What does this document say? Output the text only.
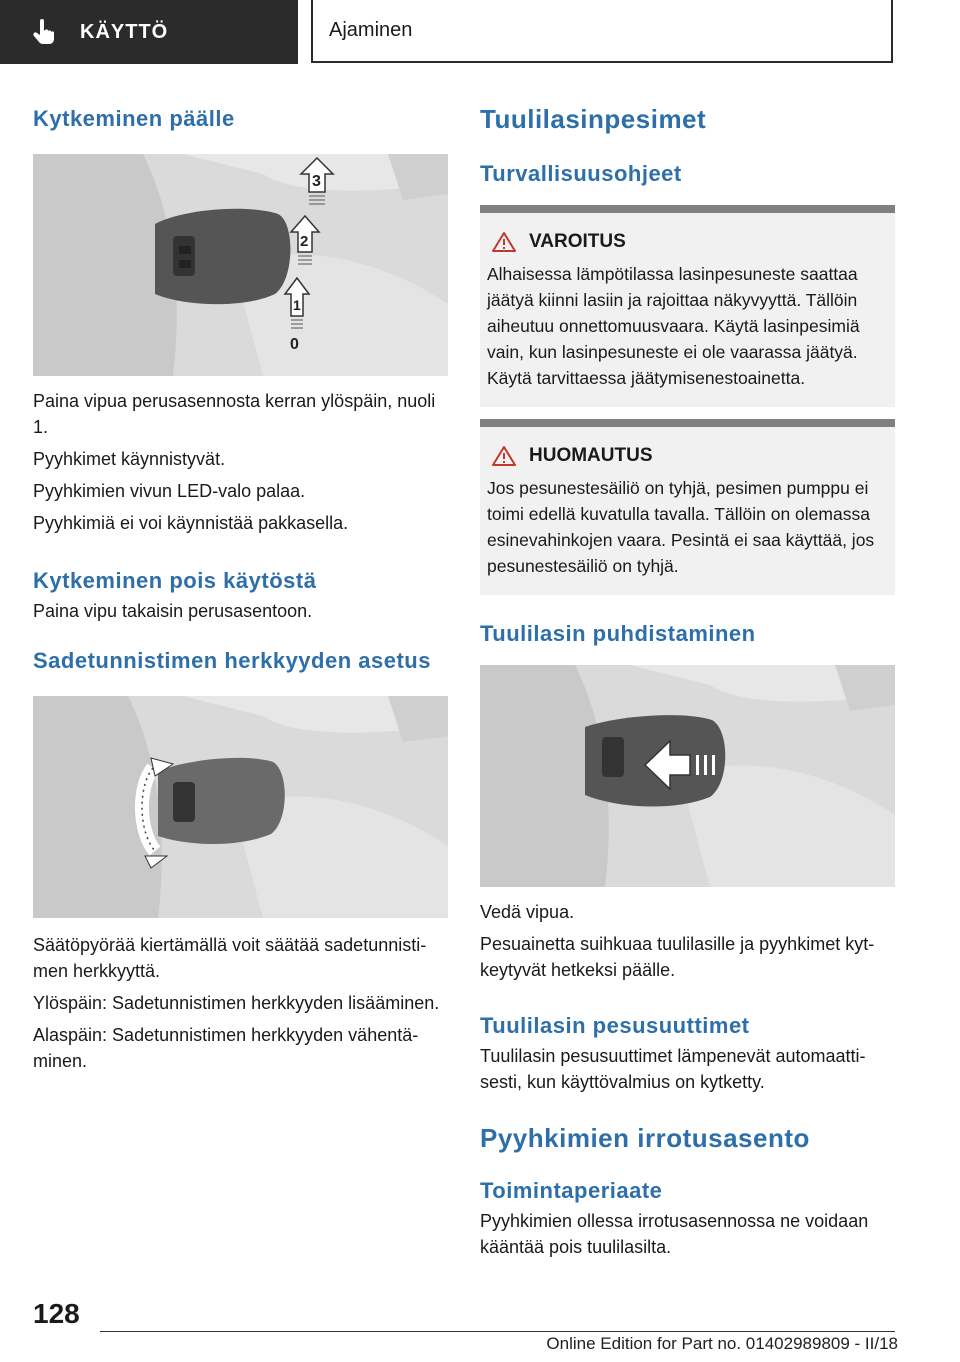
KÄYTTÖ	Ajaminen
Kytkeminen päälle
3
2
1
0

Paina vipua perusasennosta kerran ylöspäin, nuoli 1.

Pyyhkimet käynnistyvät.

Pyyhkimien vivun LED-valo palaa.

Pyyhkimiä ei voi käynnistää pakkasella.

Kytkeminen pois käytöstä

Paina vipu takaisin perusasentoon.

Sadetunnistimen herkkyyden asetus

Säätöpyörää kiertämällä voit säätää sadetunnistimen herkkyyttä.

Ylöspäin: Sadetunnistimen herkkyyden lisääminen.

Alaspäin: Sadetunnistimen herkkyyden vähentäminen.

Tuulilasinpesimet
Turvallisuusohjeet
VAROITUS

Alhaisessa lämpötilassa lasinpesuneste saattaa jäätyä kiinni lasiin ja rajoittaa näkyvyyttä. Tällöin aiheutuu onnettomuusvaara. Käytä lasinpesimiä vain, kun lasinpesuneste ei ole vaarassa jäätyä. Käytä tarvittaessa jäätymisenestoainetta.

HUOMAUTUS

Jos pesunestesäiliö on tyhjä, pesimen pumppu ei toimi edellä kuvatulla tavalla. Tällöin on olemassa esinevahinkojen vaara. Pesintä ei saa käyttää, jos pesunestesäiliö on tyhjä.

Tuulilasin puhdistaminen

Vedä vipua.

Pesuainetta suihkuaa tuulilasille ja pyyhkimet kytkeytyvät hetkeksi päälle.

Tuulilasin pesusuuttimet

Tuulilasin pesusuuttimet lämpenevät automaattisesti, kun käyttövalmius on kytketty.

Pyyhkimien irrotusasento
Toimintaperiaate

Pyyhkimien ollessa irrotusasennossa ne voidaan kääntää pois tuulilasilta.

128
Online Edition for Part no. 01402989809 - II/18
